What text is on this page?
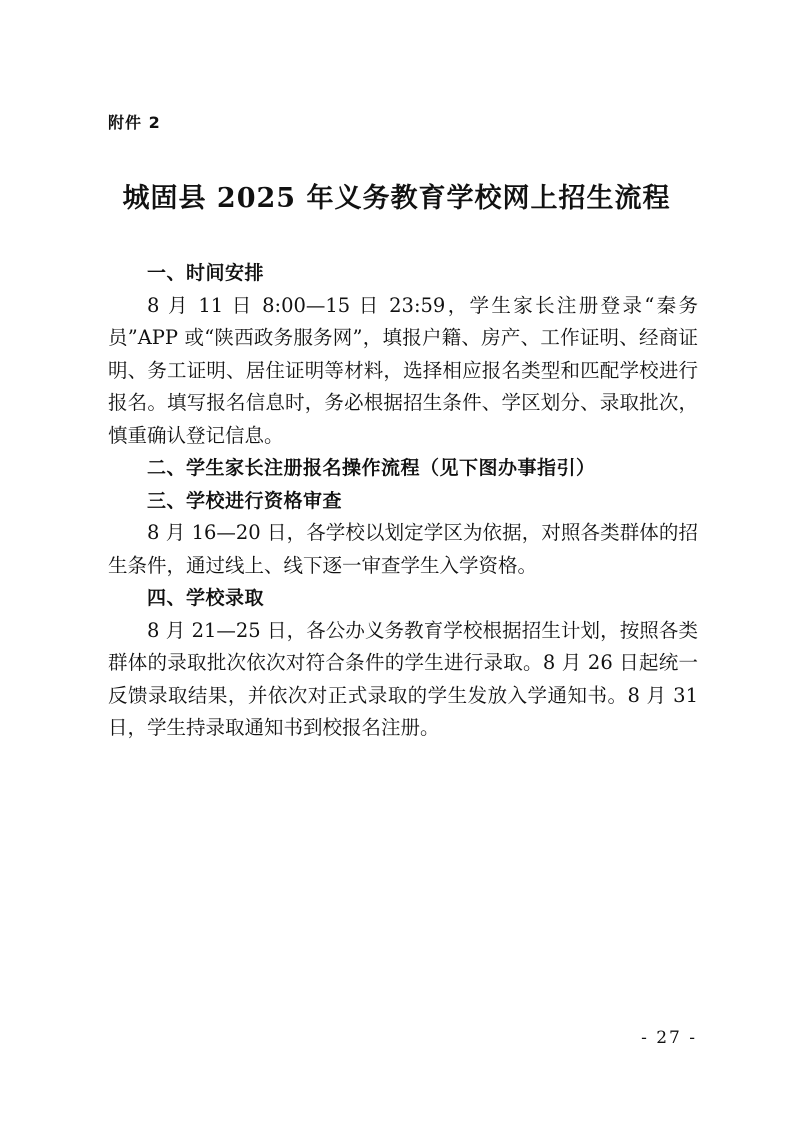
附件 2
城固县 2025 年义务教育学校网上招生流程

一、时间安排

8 月 11 日 8:00—15 日 23:59，学生家长注册登录“秦务员”APP 或“陕西政务服务网”，填报户籍、房产、工作证明、经商证明、务工证明、居住证明等材料，选择相应报名类型和匹配学校进行报名。填写报名信息时，务必根据招生条件、学区划分、录取批次，慎重确认登记信息。

二、学生家长注册报名操作流程（见下图办事指引）

三、学校进行资格审查

8 月 16—20 日，各学校以划定学区为依据，对照各类群体的招生条件，通过线上、线下逐一审查学生入学资格。

四、学校录取

8 月 21—25 日，各公办义务教育学校根据招生计划，按照各类群体的录取批次依次对符合条件的学生进行录取。8 月 26 日起统一反馈录取结果，并依次对正式录取的学生发放入学通知书。8 月 31 日，学生持录取通知书到校报名注册。

- 27 -
